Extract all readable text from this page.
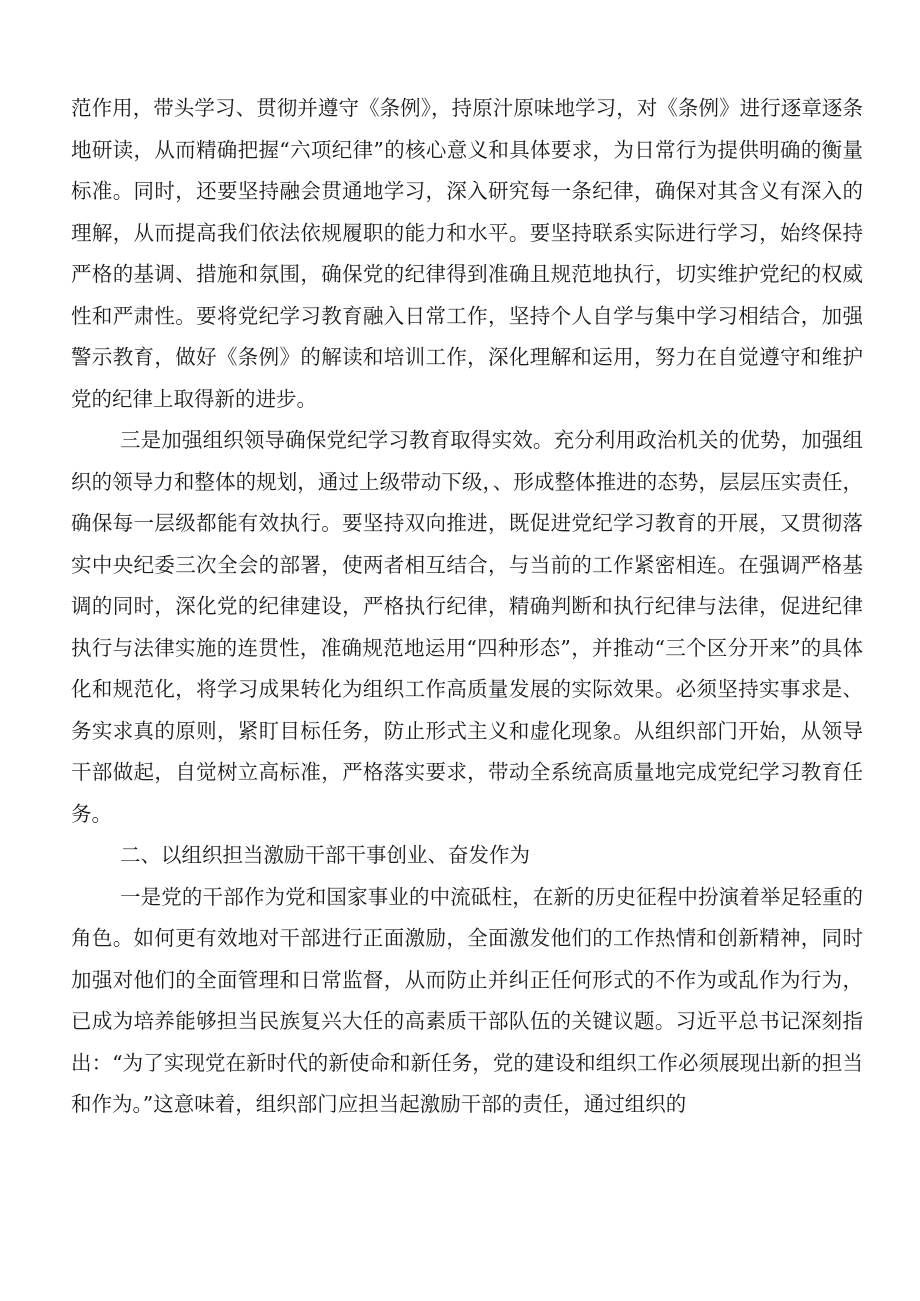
范作用，带头学习、贯彻并遵守《条例》，持原汁原味地学习，对《条例》进行逐章逐条地研读，从而精确把握“六项纪律”的核心意义和具体要求，为日常行为提供明确的衡量标准。同时，还要坚持融会贯通地学习，深入研究每一条纪律，确保对其含义有深入的理解，从而提高我们依法依规履职的能力和水平。要坚持联系实际进行学习，始终保持严格的基调、措施和氛围，确保党的纪律得到准确且规范地执行，切实维护党纪的权威性和严肃性。要将党纪学习教育融入日常工作，坚持个人自学与集中学习相结合，加强警示教育，做好《条例》的解读和培训工作，深化理解和运用，努力在自觉遵守和维护党的纪律上取得新的进步。

三是加强组织领导确保党纪学习教育取得实效。充分利用政治机关的优势，加强组织的领导力和整体的规划，通过上级带动下级，、形成整体推进的态势，层层压实责任，确保每一层级都能有效执行。要坚持双向推进，既促进党纪学习教育的开展，又贯彻落实中央纪委三次全会的部署，使两者相互结合，与当前的工作紧密相连。在强调严格基调的同时，深化党的纪律建设，严格执行纪律，精确判断和执行纪律与法律，促进纪律执行与法律实施的连贯性，准确规范地运用“四种形态”，并推动“三个区分开来”的具体化和规范化，将学习成果转化为组织工作高质量发展的实际效果。必须坚持实事求是、务实求真的原则，紧盯目标任务，防止形式主义和虚化现象。从组织部门开始，从领导干部做起，自觉树立高标准，严格落实要求，带动全系统高质量地完成党纪学习教育任务。

二、以组织担当激励干部干事创业、奋发作为

一是党的干部作为党和国家事业的中流砥柱，在新的历史征程中扮演着举足轻重的角色。如何更有效地对干部进行正面激励，全面激发他们的工作热情和创新精神，同时加强对他们的全面管理和日常监督，从而防止并纠正任何形式的不作为或乱作为行为，已成为培养能够担当民族复兴大任的高素质干部队伍的关键议题。习近平总书记深刻指出：“为了实现党在新时代的新使命和新任务，党的建设和组织工作必须展现出新的担当和作为。”这意味着，组织部门应担当起激励干部的责任，通过组织的
